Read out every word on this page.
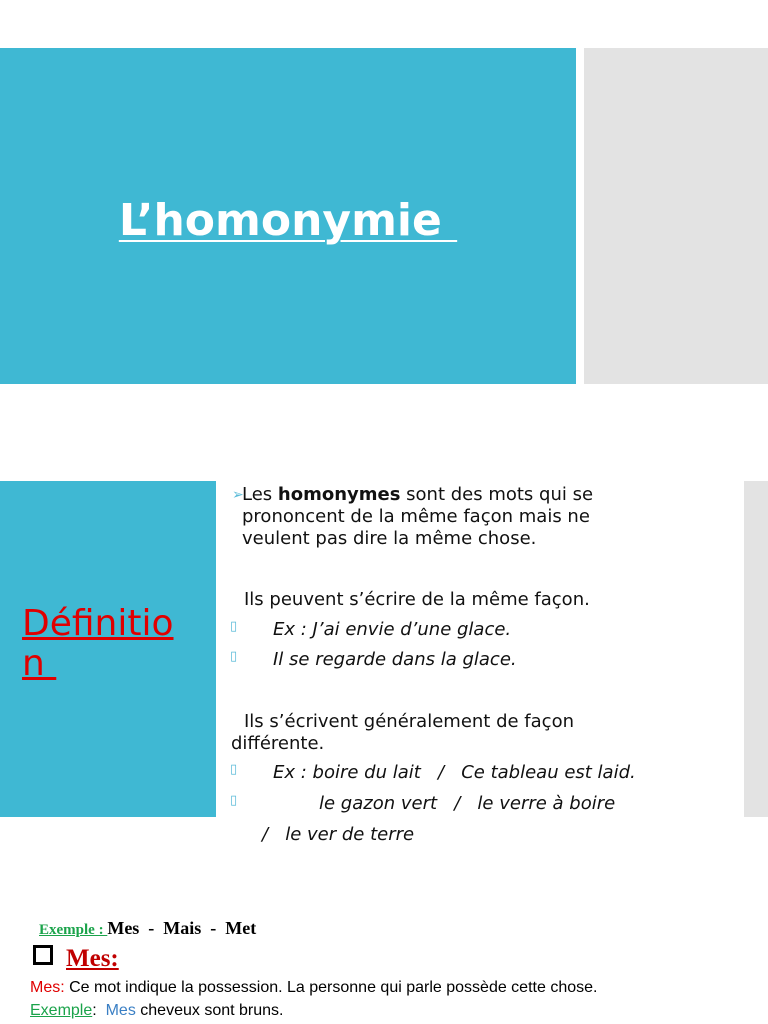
L’homonymie
Définition
➢
Les homonymes sont des mots qui se
prononcent de la même façon mais ne
veulent pas dire la même chose.
Ils peuvent s’écrire de la même façon.
▯ Ex : J’ai envie d’une glace.
▯ Il se regarde dans la glace.
Ils s’écrivent généralement de façon
différente.
▯ Ex : boire du lait   /   Ce tableau est laid.
▯	le gazon vert   /   le verre à boire
/   le ver de terre

Exemple : Mes  -  Mais  -  Met

Mes:
Mes: Ce mot indique la possession. La personne qui parle possède cette chose.
Exemple:  Mes cheveux sont bruns.
